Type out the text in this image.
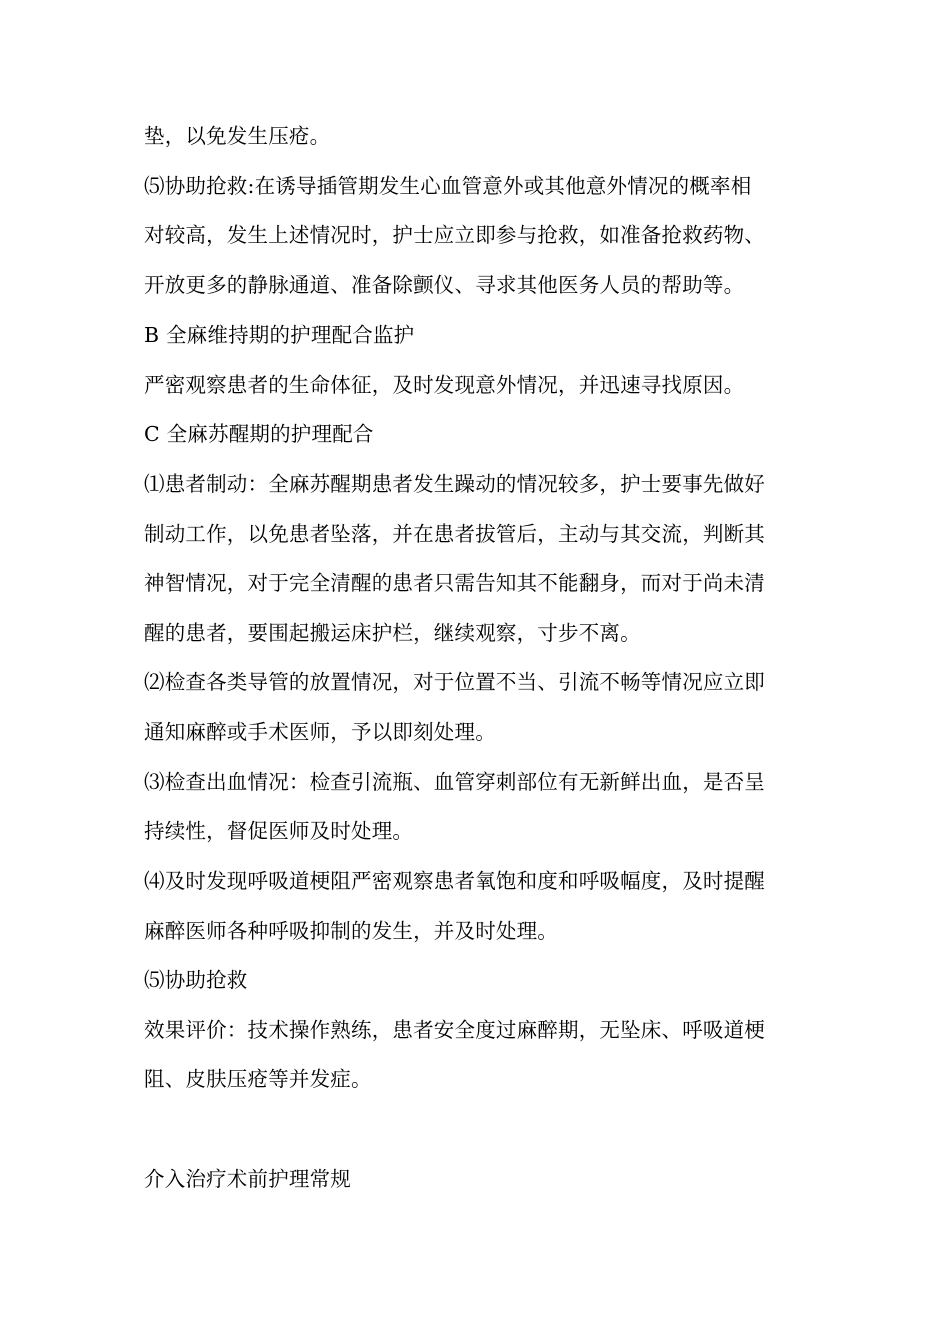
垫，以免发生压疮。
⑸协助抢救:在诱导插管期发生心血管意外或其他意外情况的概率相
对较高，发生上述情况时，护士应立即参与抢救，如准备抢救药物、
开放更多的静脉通道、准备除颤仪、寻求其他医务人员的帮助等。
B 全麻维持期的护理配合监护
严密观察患者的生命体征，及时发现意外情况，并迅速寻找原因。
C 全麻苏醒期的护理配合
⑴患者制动：全麻苏醒期患者发生躁动的情况较多，护士要事先做好
制动工作，以免患者坠落，并在患者拔管后，主动与其交流，判断其
神智情况，对于完全清醒的患者只需告知其不能翻身，而对于尚未清
醒的患者，要围起搬运床护栏，继续观察，寸步不离。
⑵检查各类导管的放置情况，对于位置不当、引流不畅等情况应立即
通知麻醉或手术医师，予以即刻处理。
⑶检查出血情况：检查引流瓶、血管穿刺部位有无新鲜出血，是否呈
持续性，督促医师及时处理。
⑷及时发现呼吸道梗阻严密观察患者氧饱和度和呼吸幅度，及时提醒
麻醉医师各种呼吸抑制的发生，并及时处理。
⑸协助抢救
效果评价：技术操作熟练，患者安全度过麻醉期，无坠床、呼吸道梗
阻、皮肤压疮等并发症。
介入治疗术前护理常规
